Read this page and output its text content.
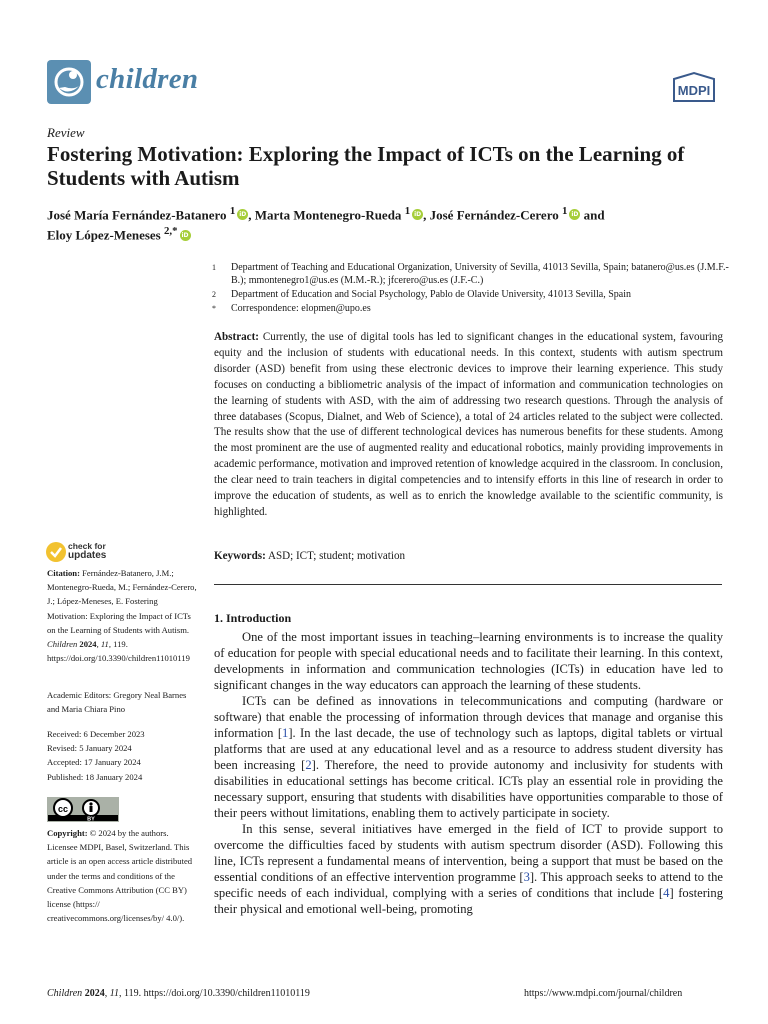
children	MDPI
Review
Fostering Motivation: Exploring the Impact of ICTs on the Learning of Students with Autism
José María Fernández-Batanero $^1$ iD , Marta Montenegro-Rueda $^1$ iD , José Fernández-Cerero $^1$ iD and
Eloy López-Meneses $^{2,*}$iD
1 Department of Teaching and Educational Organization, University of Sevilla, 41013 Sevilla, Spain; batanero@us.es (J.M.F.-B.); mmontenegro1@us.es (M.M.-R.); jfcerero@us.es (J.F.-C.)
2 Department of Education and Social Psychology, Pablo de Olavide University, 41013 Sevilla, Spain
* Correspondence: elopmen@upo.es
Abstract: Currently, the use of digital tools has led to significant changes in the educational system, favouring equity and the inclusion of students with educational needs. In this context, students with autism spectrum disorder (ASD) benefit from using these electronic devices to improve their learning experience. This study focuses on conducting a bibliometric analysis of the impact of information and communication technologies on the learning of students with ASD, with the aim of addressing two research questions. Through the analysis of three databases (Scopus, Dialnet, and Web of Science), a total of 24 articles related to the subject were collected. The results show that the use of different technological devices has numerous benefits for these students. Among the most prominent are the use of augmented reality and educational robotics, mainly providing improvements in academic performance, motivation and improved retention of knowledge acquired in the classroom. In conclusion, the clear need to train teachers in digital competencies and to intensify efforts in this line of research in order to improve the education of students, as well as to enrich the knowledge available to the scientific community, is highlighted.
Keywords: ASD; ICT; student; motivation
1. Introduction

One of the most important issues in teaching–learning environments is to increase the quality of education for people with special educational needs and to facilitate their learning. In this context, developments in information and communication technologies (ICTs) in education have led to significant changes in the way educators can approach the learning of these students.

ICTs can be defined as innovations in telecommunications and computing (hardware or software) that enable the processing of information through devices that manage and organise this information [1]. In the last decade, the use of technology such as laptops, digital tablets or virtual platforms that are used at any educational level and as a resource to address student diversity has been increasing [2]. Therefore, the need to provide autonomy and inclusivity for students with disabilities in educational settings has become critical. ICTs play an essential role in providing the necessary support, ensuring that students with disabilities have opportunities comparable to those of their peers without limitations, enabling them to actively participate in society.

In this sense, several initiatives have emerged in the field of ICT to provide support to overcome the difficulties faced by students with autism spectrum disorder (ASD). Following this line, ICTs represent a fundamental means of intervention, being a support that must be based on the essential conditions of an effective intervention programme [3]. This approach seeks to attend to the specific needs of each individual, complying with a series of conditions that include [4] fostering their physical and emotional well-being, promoting

check for
updates
Citation: Fernández-Batanero, J.M.; Montenegro-Rueda, M.; Fernández-Cerero, J.; López-Meneses, E. Fostering Motivation: Exploring the Impact of ICTs on the Learning of Students with Autism. Children 2024, 11, 119. https://doi.org/10.3390/children11010119
Academic Editors: Gregory Neal Barnes and Maria Chiara Pino
Received: 6 December 2023
Revised: 5 January 2024
Accepted: 17 January 2024
Published: 18 January 2024
cc
BY
Copyright: © 2024 by the authors. Licensee MDPI, Basel, Switzerland. This article is an open access article distributed under the terms and conditions of the Creative Commons Attribution (CC BY) license (https:// creativecommons.org/licenses/by/ 4.0/).
Children 2024, 11, 119. https://doi.org/10.3390/children11010119	https://www.mdpi.com/journal/children
